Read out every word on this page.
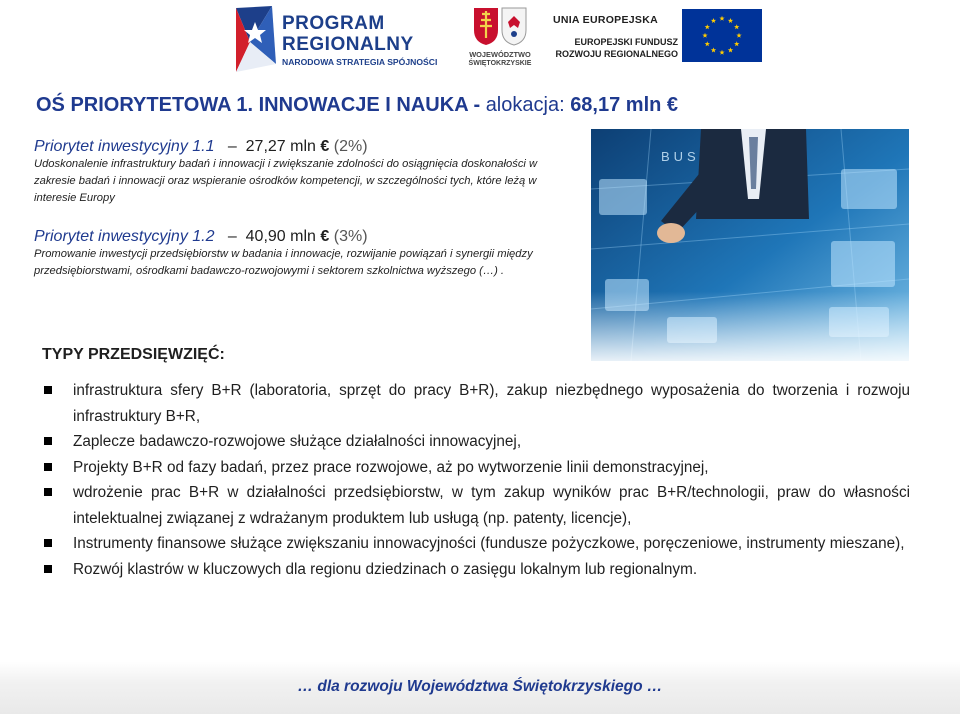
PROGRAM
REGIONALNY
NARODOWA STRATEGIA SPÓJNOŚCI
WOJEWÓDZTWO
ŚWIĘTOKRZYSKIE
UNIA EUROPEJSKA
EUROPEJSKI FUNDUSZ
ROZWOJU REGIONALNEGO
OŚ PRIORYTETOWA 1. INNOWACJE I NAUKA - alokacja: 68,17 mln €
Priorytet inwestycyjny 1.1   –  27,27 mln € (2%)
Udoskonalenie infrastruktury badań i innowacji i zwiększanie zdolności do osiągnięcia doskonałości w zakresie badań i innowacji oraz wspieranie ośrodków kompetencji, w szczególności tych, które leżą w interesie Europy
Priorytet inwestycyjny 1.2   –  40,90 mln € (3%)
Promowanie inwestycji przedsiębiorstw w badania i innowacje, rozwijanie powiązań i synergii między przedsiębiorstwami, ośrodkami badawczo-rozwojowymi i sektorem szkolnictwa wyższego (…) .
TYPY PRZEDSIĘWZIĘĆ:
infrastruktura sfery B+R (laboratoria, sprzęt do pracy B+R), zakup niezbędnego wyposażenia do tworzenia i rozwoju infrastruktury B+R,
Zaplecze badawczo-rozwojowe służące działalności innowacyjnej,
Projekty B+R od fazy badań, przez prace rozwojowe, aż po wytworzenie linii demonstracyjnej,
wdrożenie prac B+R w działalności przedsiębiorstw, w tym zakup wyników prac B+R/technologii, praw do własności intelektualnej związanej z wdrażanym produktem lub usługą (np. patenty, licencje),
Instrumenty finansowe służące zwiększaniu innowacyjności (fundusze pożyczkowe, poręczeniowe, instrumenty mieszane),
Rozwój klastrów w kluczowych dla regionu dziedzinach o zasięgu lokalnym lub regionalnym.
… dla rozwoju Województwa Świętokrzyskiego …
